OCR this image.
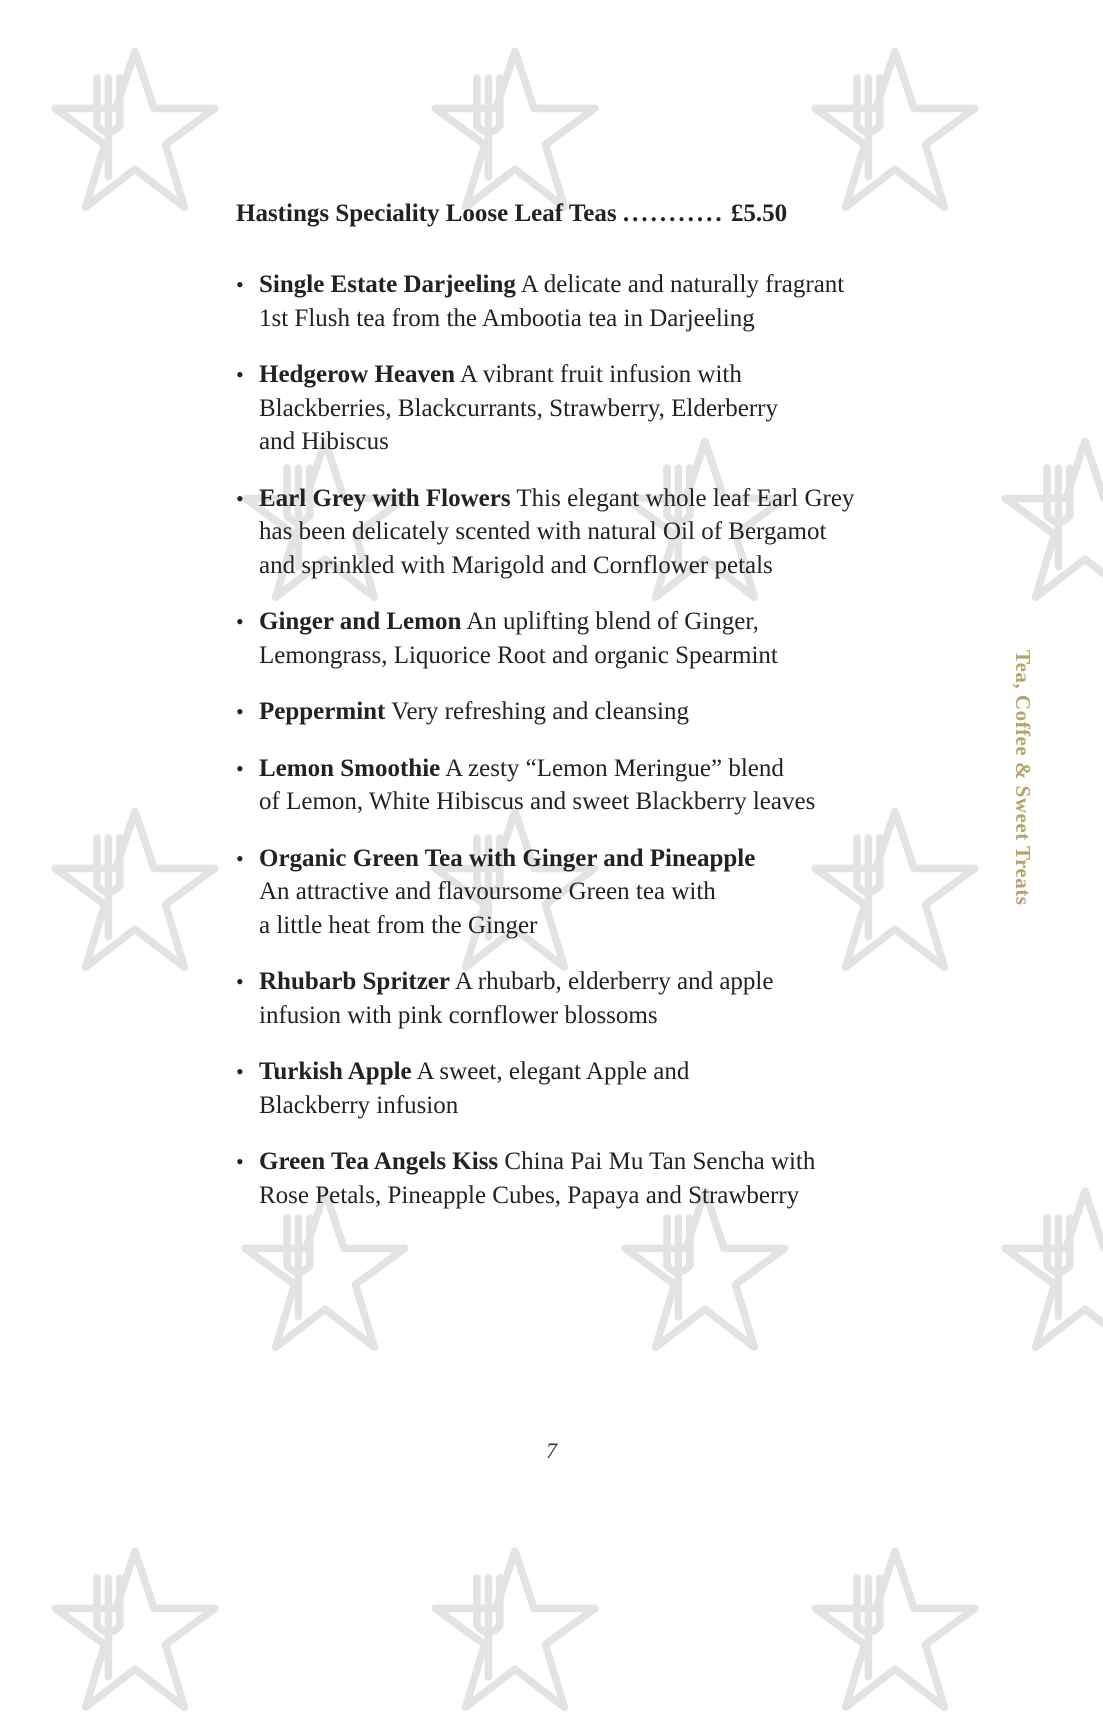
Hastings Speciality Loose Leaf Teas ........... £5.50
• Single Estate Darjeeling A delicate and naturally fragrant
1st Flush tea from the Ambootia tea in Darjeeling
• Hedgerow Heaven A vibrant fruit infusion with
Blackberries, Blackcurrants, Strawberry, Elderberry
and Hibiscus
• Earl Grey with Flowers This elegant whole leaf Earl Grey
has been delicately scented with natural Oil of Bergamot
and sprinkled with Marigold and Cornflower petals
• Ginger and Lemon An uplifting blend of Ginger,
Lemongrass, Liquorice Root and organic Spearmint
• Peppermint Very refreshing and cleansing
• Lemon Smoothie A zesty “Lemon Meringue” blend
of Lemon, White Hibiscus and sweet Blackberry leaves
• Organic Green Tea with Ginger and Pineapple
An attractive and flavoursome Green tea with
a little heat from the Ginger
• Rhubarb Spritzer A rhubarb, elderberry and apple
infusion with pink cornflower blossoms
• Turkish Apple A sweet, elegant Apple and
Blackberry infusion
• Green Tea Angels Kiss China Pai Mu Tan Sencha with
Rose Petals, Pineapple Cubes, Papaya and Strawberry
Tea, Coffee & Sweet Treats
7
